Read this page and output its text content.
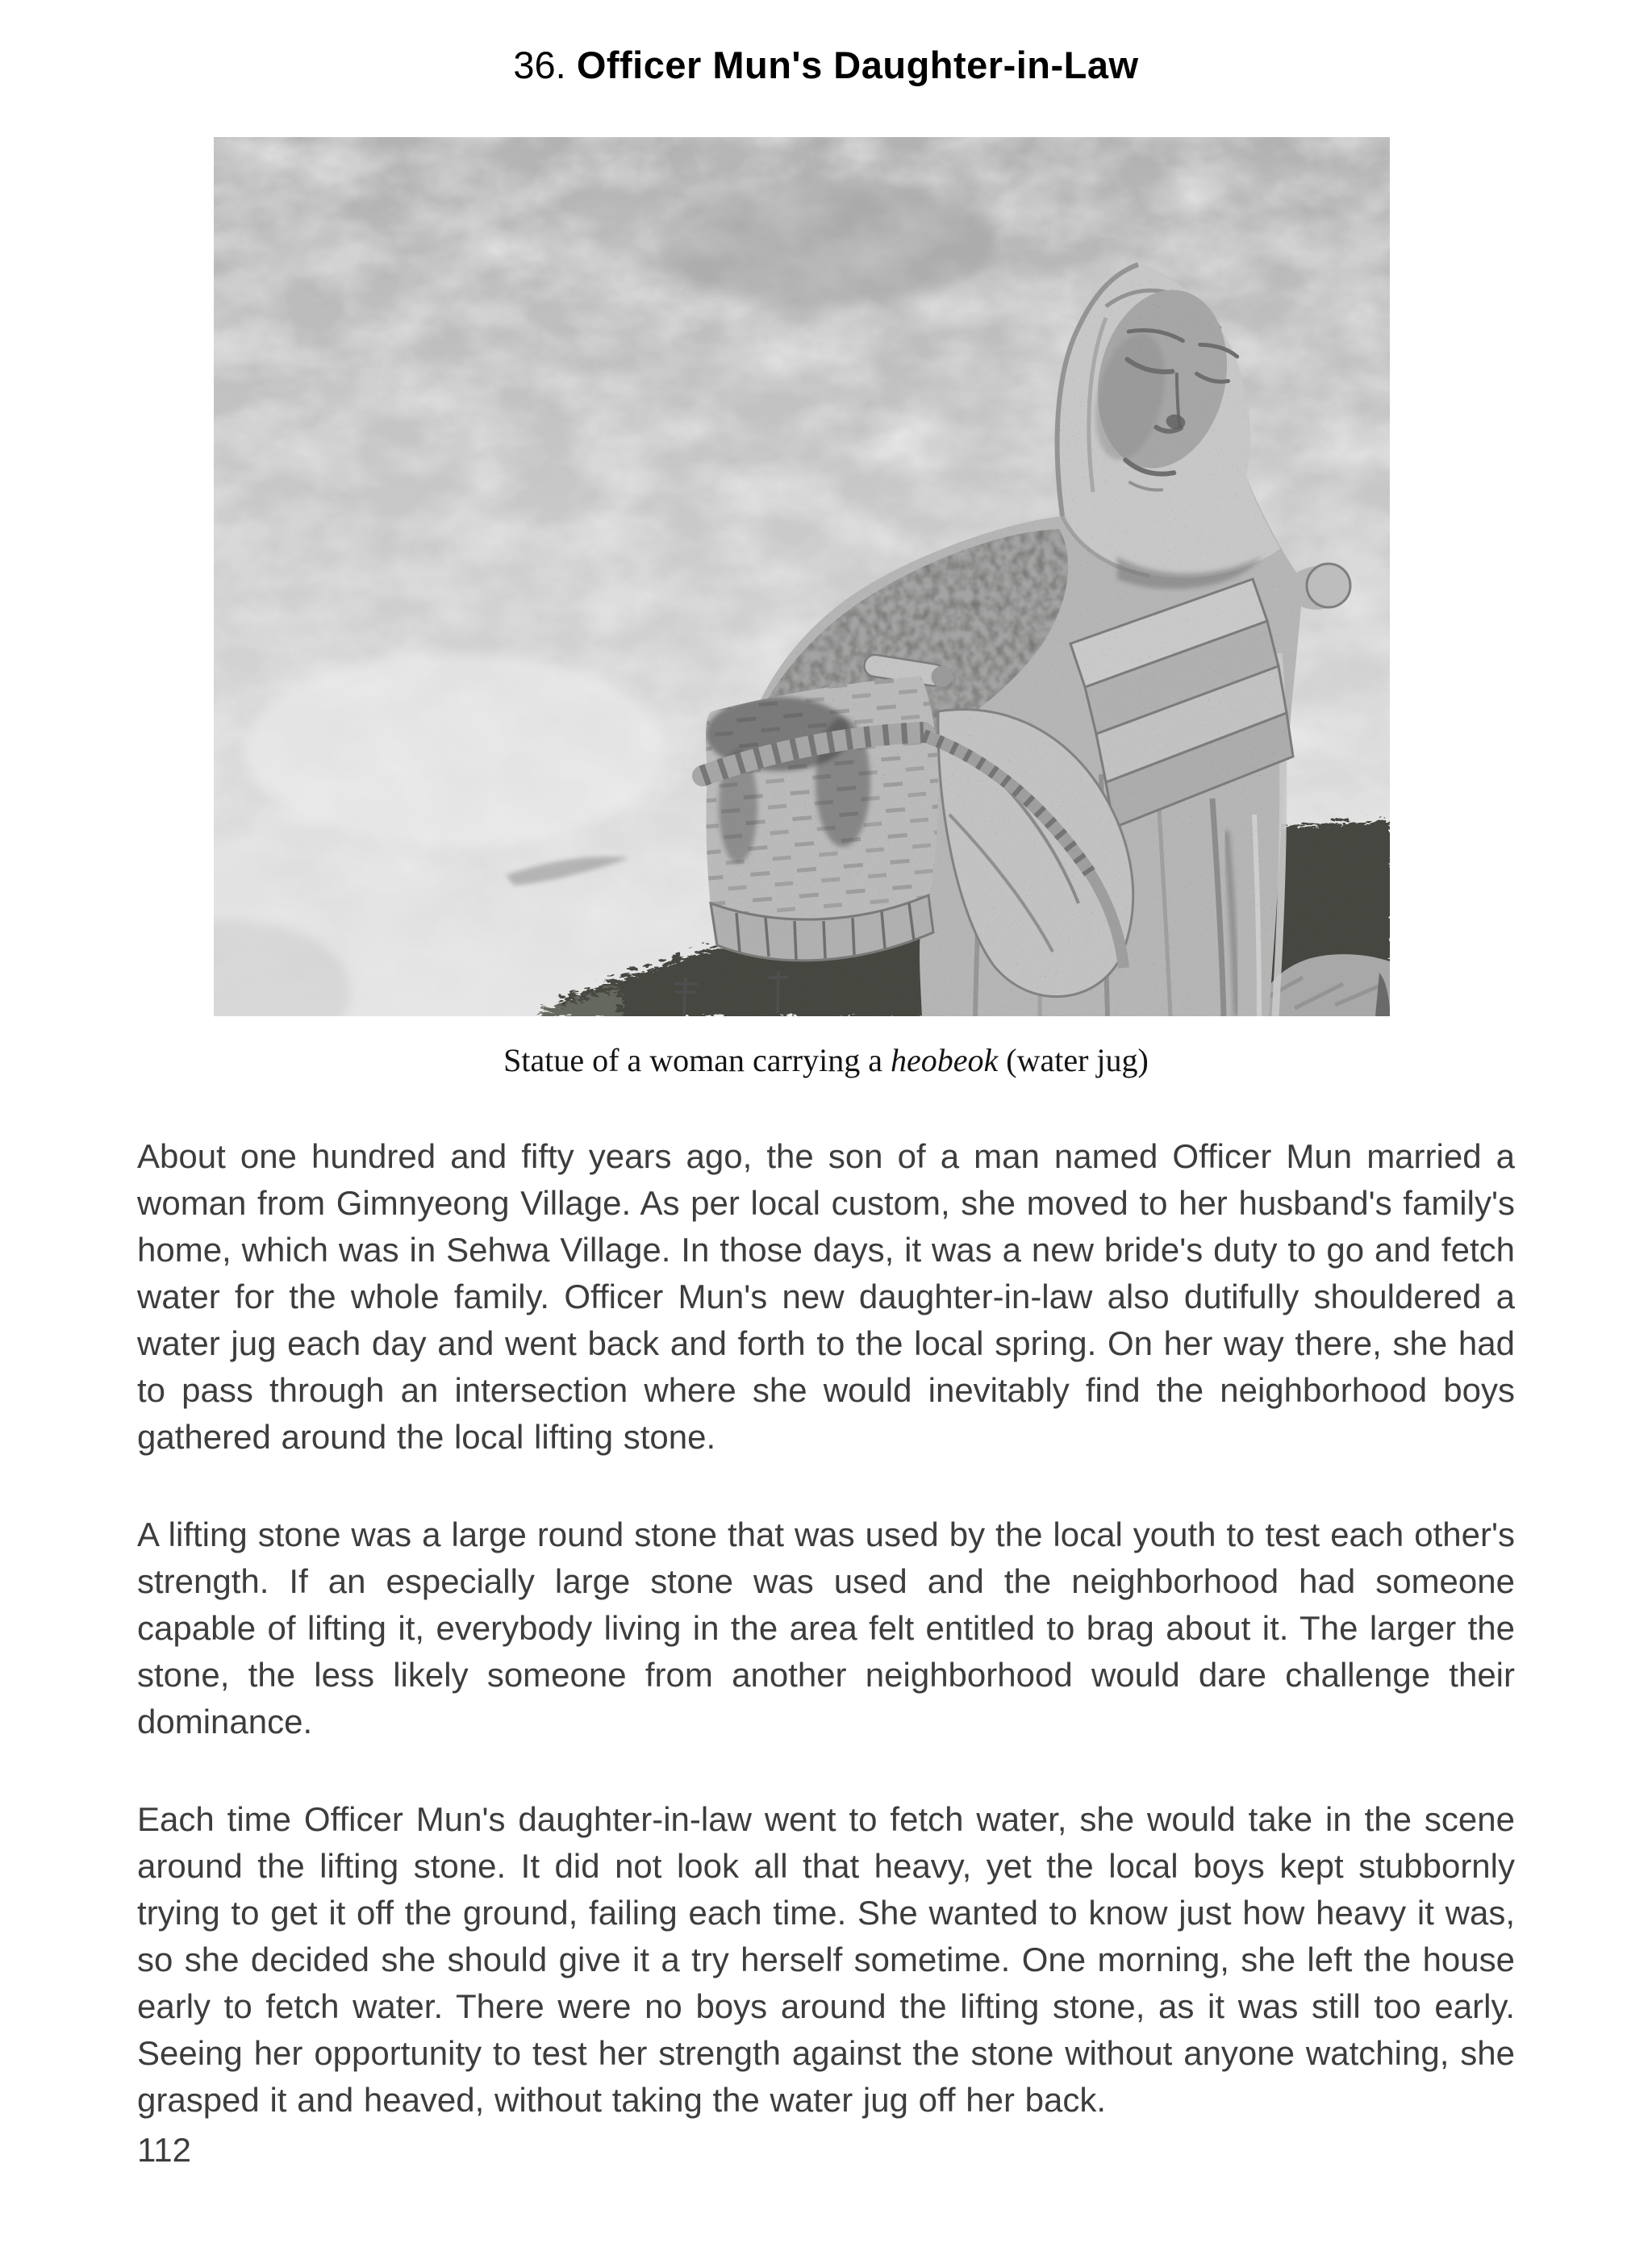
36. Officer Mun's Daughter-in-Law
Statue of a woman carrying a heobeok (water jug)

About one hundred and fifty years ago, the son of a man named Officer Mun married a woman from Gimnyeong Village. As per local custom, she moved to her husband's family's home, which was in Sehwa Village. In those days, it was a new bride's duty to go and fetch water for the whole family. Officer Mun's new daughter-in-law also dutifully shouldered a water jug each day and went back and forth to the local spring. On her way there, she had to pass through an intersection where she would inevitably find the neighborhood boys gathered around the local lifting stone.

A lifting stone was a large round stone that was used by the local youth to test each other's strength. If an especially large stone was used and the neighborhood had someone capable of lifting it, everybody living in the area felt entitled to brag about it. The larger the stone, the less likely someone from another neighborhood would dare challenge their dominance.

Each time Officer Mun's daughter-in-law went to fetch water, she would take in the scene around the lifting stone. It did not look all that heavy, yet the local boys kept stubbornly trying to get it off the ground, failing each time. She wanted to know just how heavy it was, so she decided she should give it a try herself sometime. One morning, she left the house early to fetch water. There were no boys around the lifting stone, as it was still too early. Seeing her opportunity to test her strength against the stone without anyone watching, she grasped it and heaved, without taking the water jug off her back.

112
